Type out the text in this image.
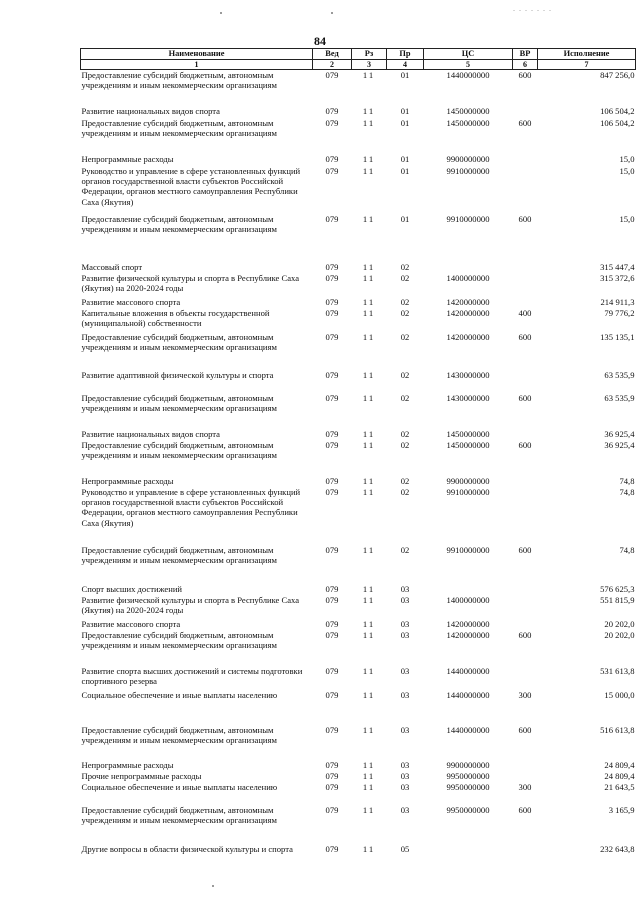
84
. . . . . . .
Наименование	Вед	Рз	Пр	ЦС	ВР	Исполнение
1	2	3	4	5	6	7
Предоставление субсидий бюджетным, автономным учреждениям и иным некоммерческим организациям	079	11	01	1440000000	600	847 256,0
Развитие национальных видов спорта	079	11	01	1450000000		106 504,2
Предоставление субсидий бюджетным, автономным учреждениям и иным некоммерческим организациям	079	11	01	1450000000	600	106 504,2
Непрограммные расходы	079	11	01	9900000000		15,0
Руководство и управление в сфере установленных функций органов государственной власти субъектов Российской Федерации, органов местного самоуправления Республики Саха (Якутия)	079	11	01	9910000000		15,0
Предоставление субсидий бюджетным, автономным учреждениям и иным некоммерческим организациям	079	11	01	9910000000	600	15,0
Массовый спорт	079	11	02			315 447,4
Развитие физической культуры и спорта в Республике Саха (Якутия) на 2020-2024 годы	079	11	02	1400000000		315 372,6
Развитие массового спорта	079	11	02	1420000000		214 911,3
Капитальные вложения в объекты государственной (муниципальной) собственности	079	11	02	1420000000	400	79 776,2
Предоставление субсидий бюджетным, автономным учреждениям и иным некоммерческим организациям	079	11	02	1420000000	600	135 135,1
Развитие адаптивной физической культуры и спорта	079	11	02	1430000000		63 535,9
Предоставление субсидий бюджетным, автономным учреждениям и иным некоммерческим организациям	079	11	02	1430000000	600	63 535,9
Развитие национальных видов спорта	079	11	02	1450000000		36 925,4
Предоставление субсидий бюджетным, автономным учреждениям и иным некоммерческим организациям	079	11	02	1450000000	600	36 925,4
Непрограммные расходы	079	11	02	9900000000		74,8
Руководство и управление в сфере установленных функций органов государственной власти субъектов Российской Федерации, органов местного самоуправления Республики Саха (Якутия)	079	11	02	9910000000		74,8
Предоставление субсидий бюджетным, автономным учреждениям и иным некоммерческим организациям	079	11	02	9910000000	600	74,8
Спорт высших достижений	079	11	03			576 625,3
Развитие физической культуры и спорта в Республике Саха (Якутия) на 2020-2024 годы	079	11	03	1400000000		551 815,9
Развитие массового спорта	079	11	03	1420000000		20 202,0
Предоставление субсидий бюджетным, автономным учреждениям и иным некоммерческим организациям	079	11	03	1420000000	600	20 202,0
Развитие спорта высших достижений и системы подготовки спортивного резерва	079	11	03	1440000000		531 613,8
Социальное обеспечение и иные выплаты населению	079	11	03	1440000000	300	15 000,0
Предоставление субсидий бюджетным, автономным учреждениям и иным некоммерческим организациям	079	11	03	1440000000	600	516 613,8
Непрограммные расходы	079	11	03	9900000000		24 809,4
Прочие непрограммные расходы	079	11	03	9950000000		24 809,4
Социальное обеспечение и иные выплаты населению	079	11	03	9950000000	300	21 643,5
Предоставление субсидий бюджетным, автономным учреждениям и иным некоммерческим организациям	079	11	03	9950000000	600	3 165,9
Другие вопросы в области физической культуры и спорта	079	11	05			232 643,8
